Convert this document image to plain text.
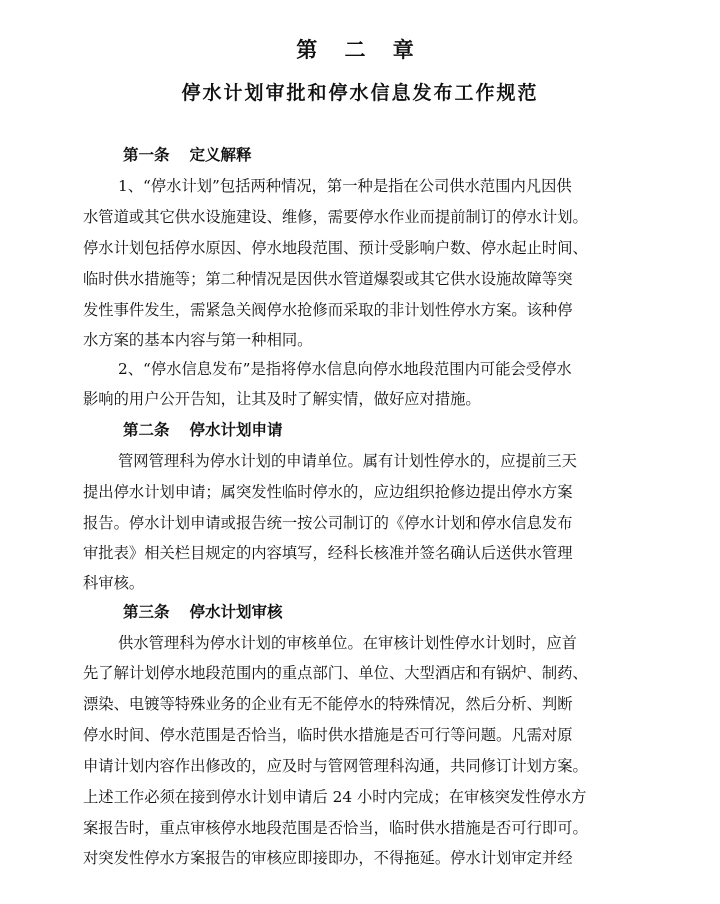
第 二 章
停水计划审批和停水信息发布工作规范
第一条 定义解释
1、“停水计划”包括两种情况，第一种是指在公司供水范围内凡因供
水管道或其它供水设施建设、维修，需要停水作业而提前制订的停水计划。
停水计划包括停水原因、停水地段范围、预计受影响户数、停水起止时间、
临时供水措施等；第二种情况是因供水管道爆裂或其它供水设施故障等突
发性事件发生，需紧急关阀停水抢修而采取的非计划性停水方案。该种停
水方案的基本内容与第一种相同。
2、“停水信息发布”是指将停水信息向停水地段范围内可能会受停水
影响的用户公开告知，让其及时了解实情，做好应对措施。
第二条 停水计划申请
管网管理科为停水计划的申请单位。属有计划性停水的，应提前三天
提出停水计划申请；属突发性临时停水的，应边组织抢修边提出停水方案
报告。停水计划申请或报告统一按公司制订的《停水计划和停水信息发布
审批表》相关栏目规定的内容填写，经科长核准并签名确认后送供水管理
科审核。
第三条 停水计划审核
供水管理科为停水计划的审核单位。在审核计划性停水计划时，应首
先了解计划停水地段范围内的重点部门、单位、大型酒店和有锅炉、制药、
漂染、电镀等特殊业务的企业有无不能停水的特殊情况，然后分析、判断
停水时间、停水范围是否恰当，临时供水措施是否可行等问题。凡需对原
申请计划内容作出修改的，应及时与管网管理科沟通，共同修订计划方案。
上述工作必须在接到停水计划申请后 24 小时内完成；在审核突发性停水方
案报告时，重点审核停水地段范围是否恰当，临时供水措施是否可行即可。
对突发性停水方案报告的审核应即接即办，不得拖延。停水计划审定并经
